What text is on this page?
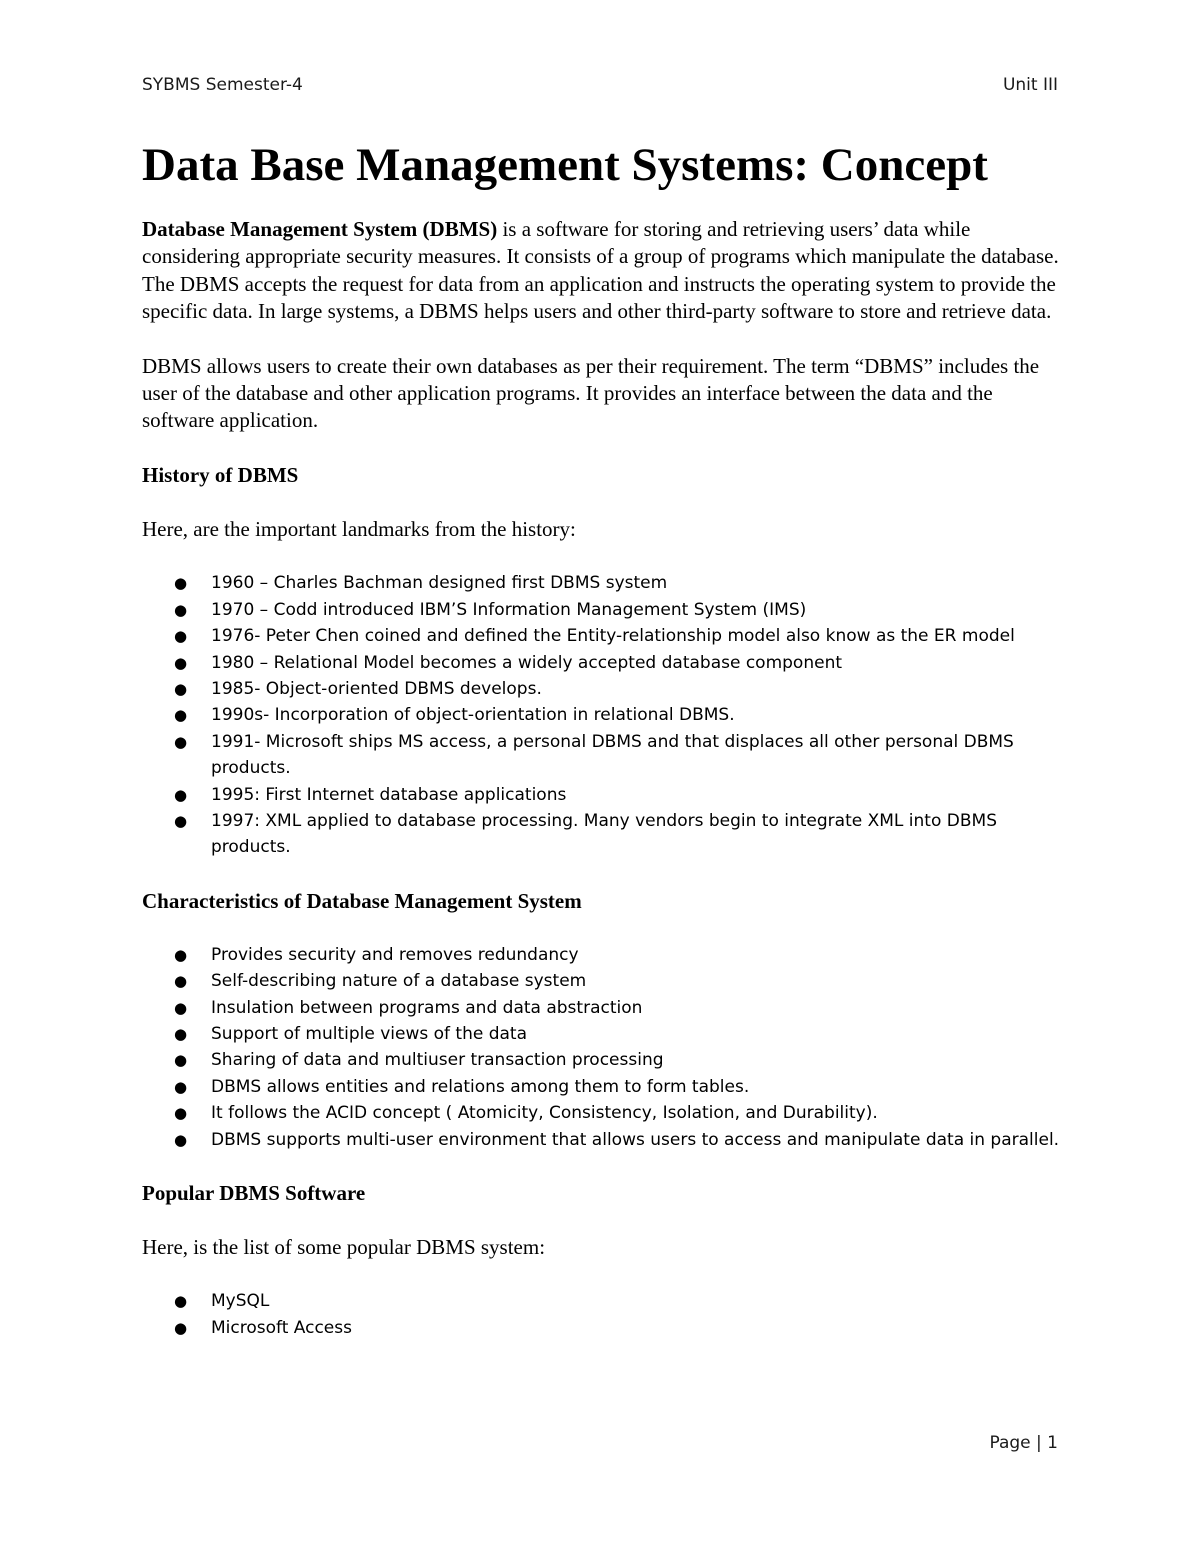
SYBMS Semester-4	Unit III

Data Base Management Systems: Concept

Database Management System (DBMS) is a software for storing and retrieving users’ data while considering appropriate security measures. It consists of a group of programs which manipulate the database. The DBMS accepts the request for data from an application and instructs the operating system to provide the specific data. In large systems, a DBMS helps users and other third-party software to store and retrieve data.

DBMS allows users to create their own databases as per their requirement. The term “DBMS” includes the user of the database and other application programs. It provides an interface between the data and the software application.

History of DBMS

Here, are the important landmarks from the history:

● 1960 – Charles Bachman designed first DBMS system
● 1970 – Codd introduced IBM’S Information Management System (IMS)
● 1976- Peter Chen coined and defined the Entity-relationship model also know as the ER model
● 1980 – Relational Model becomes a widely accepted database component
● 1985- Object-oriented DBMS develops.
● 1990s- Incorporation of object-orientation in relational DBMS.
● 1991- Microsoft ships MS access, a personal DBMS and that displaces all other personal DBMS products.
● 1995: First Internet database applications
● 1997: XML applied to database processing. Many vendors begin to integrate XML into DBMS products.
Characteristics of Database Management System
● Provides security and removes redundancy
● Self-describing nature of a database system
● Insulation between programs and data abstraction
● Support of multiple views of the data
● Sharing of data and multiuser transaction processing
● DBMS allows entities and relations among them to form tables.
● It follows the ACID concept ( Atomicity, Consistency, Isolation, and Durability).
● DBMS supports multi-user environment that allows users to access and manipulate data in parallel.
Popular DBMS Software

Here, is the list of some popular DBMS system:

● MySQL
● Microsoft Access

Page | 1
